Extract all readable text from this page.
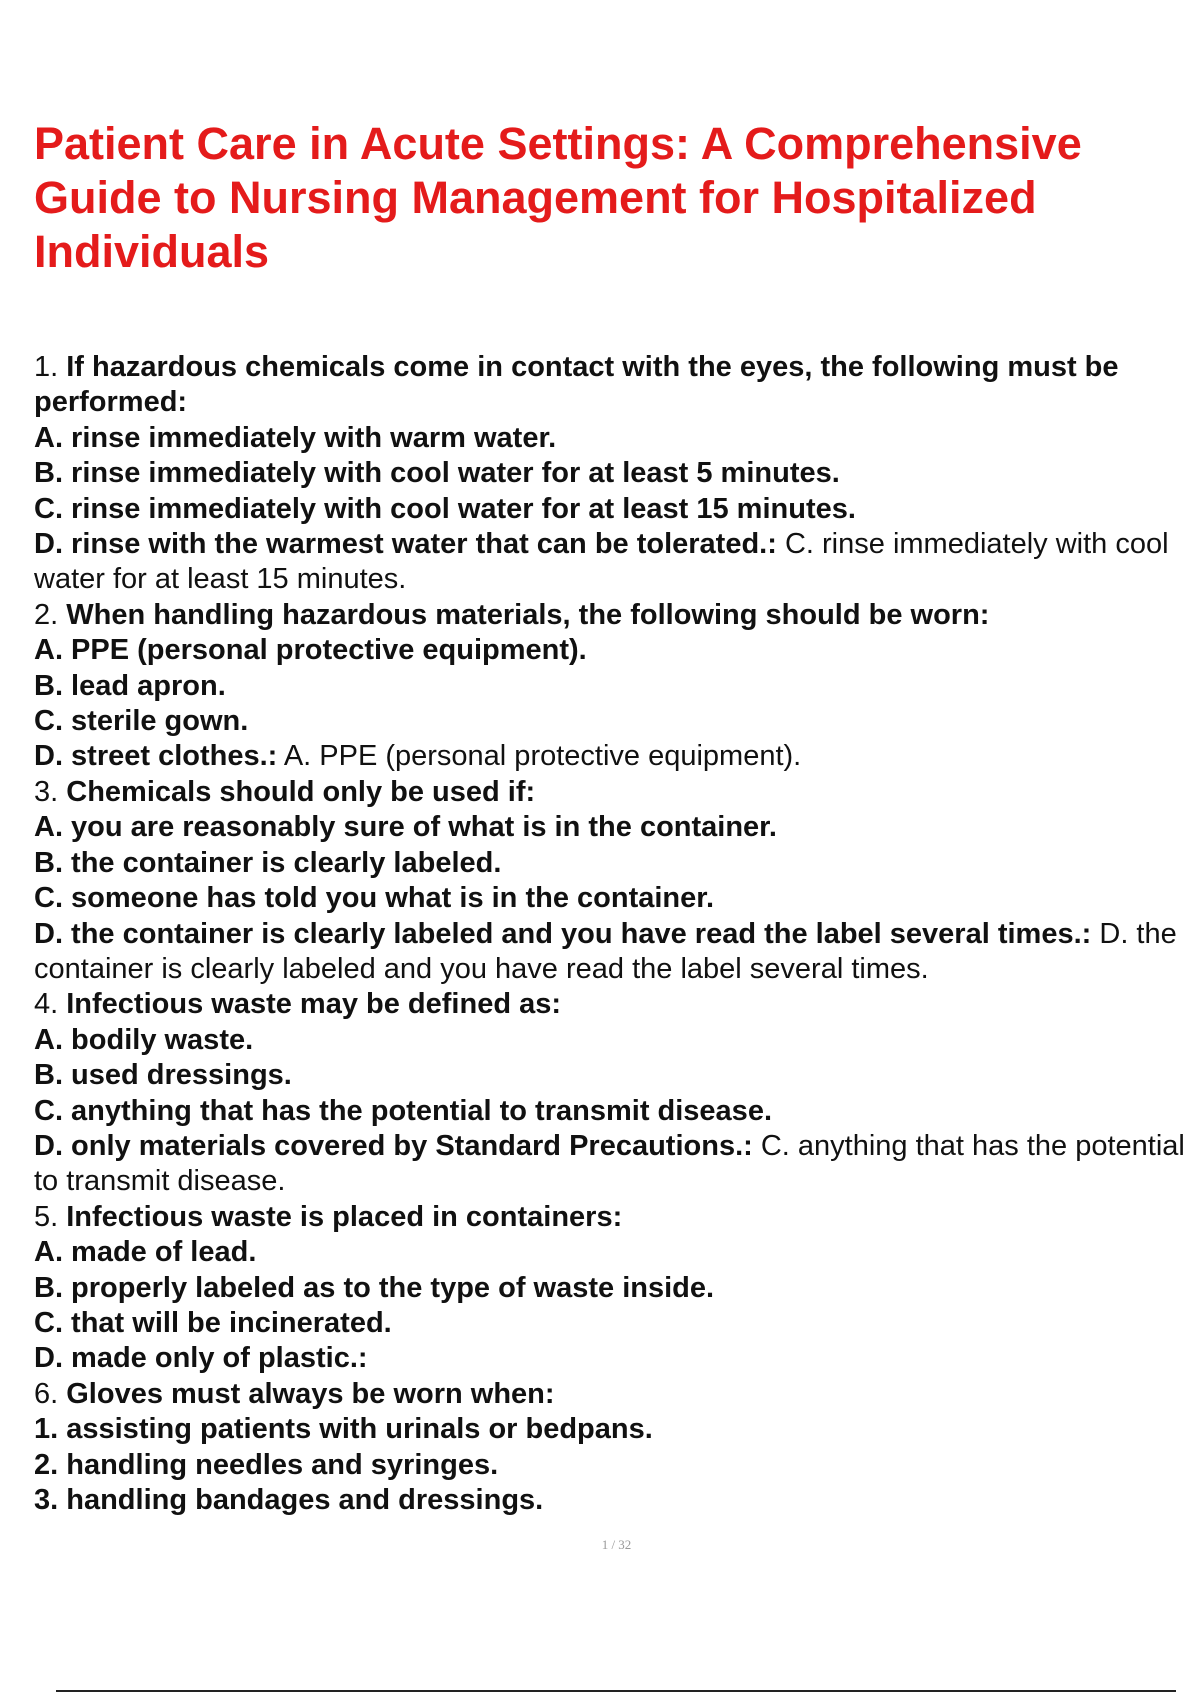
Patient Care in Acute Settings: A Comprehensive Guide to Nursing Management for Hospitalized Individuals

1. If hazardous chemicals come in contact with the eyes, the following must be performed:

A. rinse immediately with warm water.

B. rinse immediately with cool water for at least 5 minutes.

C. rinse immediately with cool water for at least 15 minutes.

D. rinse with the warmest water that can be tolerated.: C. rinse immediately with cool water for at least 15 minutes.

2. When handling hazardous materials, the following should be worn:

A. PPE (personal protective equipment).

B. lead apron.

C. sterile gown.

D. street clothes.: A. PPE (personal protective equipment).

3. Chemicals should only be used if:

A. you are reasonably sure of what is in the container.

B. the container is clearly labeled.

C. someone has told you what is in the container.

D. the container is clearly labeled and you have read the label several times.: D. the container is clearly labeled and you have read the label several times.

4. Infectious waste may be defined as:

A. bodily waste.

B. used dressings.

C. anything that has the potential to transmit disease.

D. only materials covered by Standard Precautions.: C. anything that has the potential to transmit disease.

5. Infectious waste is placed in containers:

A. made of lead.

B. properly labeled as to the type of waste inside.

C. that will be incinerated.

D. made only of plastic.:

6. Gloves must always be worn when:

1. assisting patients with urinals or bedpans.

2. handling needles and syringes.

3. handling bandages and dressings.

1 / 32
